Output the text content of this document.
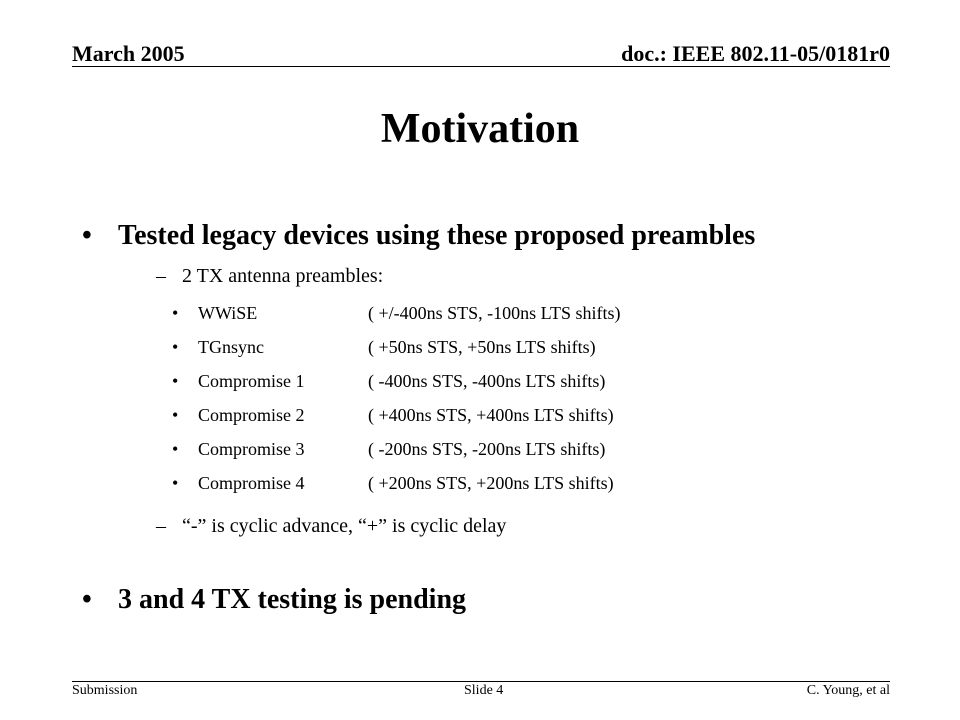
March 2005	doc.: IEEE 802.11-05/0181r0
Motivation
• Tested legacy devices using these proposed preambles
– 2 TX antenna preambles:
• WWiSE	( +/-400ns STS, -100ns LTS shifts)
• TGnsync	( +50ns STS, +50ns LTS shifts)
• Compromise 1	( -400ns STS, -400ns LTS shifts)
• Compromise 2	( +400ns STS, +400ns LTS shifts)
• Compromise 3	( -200ns STS, -200ns LTS shifts)
• Compromise 4	( +200ns STS, +200ns LTS shifts)
– “-” is cyclic advance, “+” is cyclic delay
• 3 and 4 TX testing is pending
Submission	Slide 4	C. Young, et al
